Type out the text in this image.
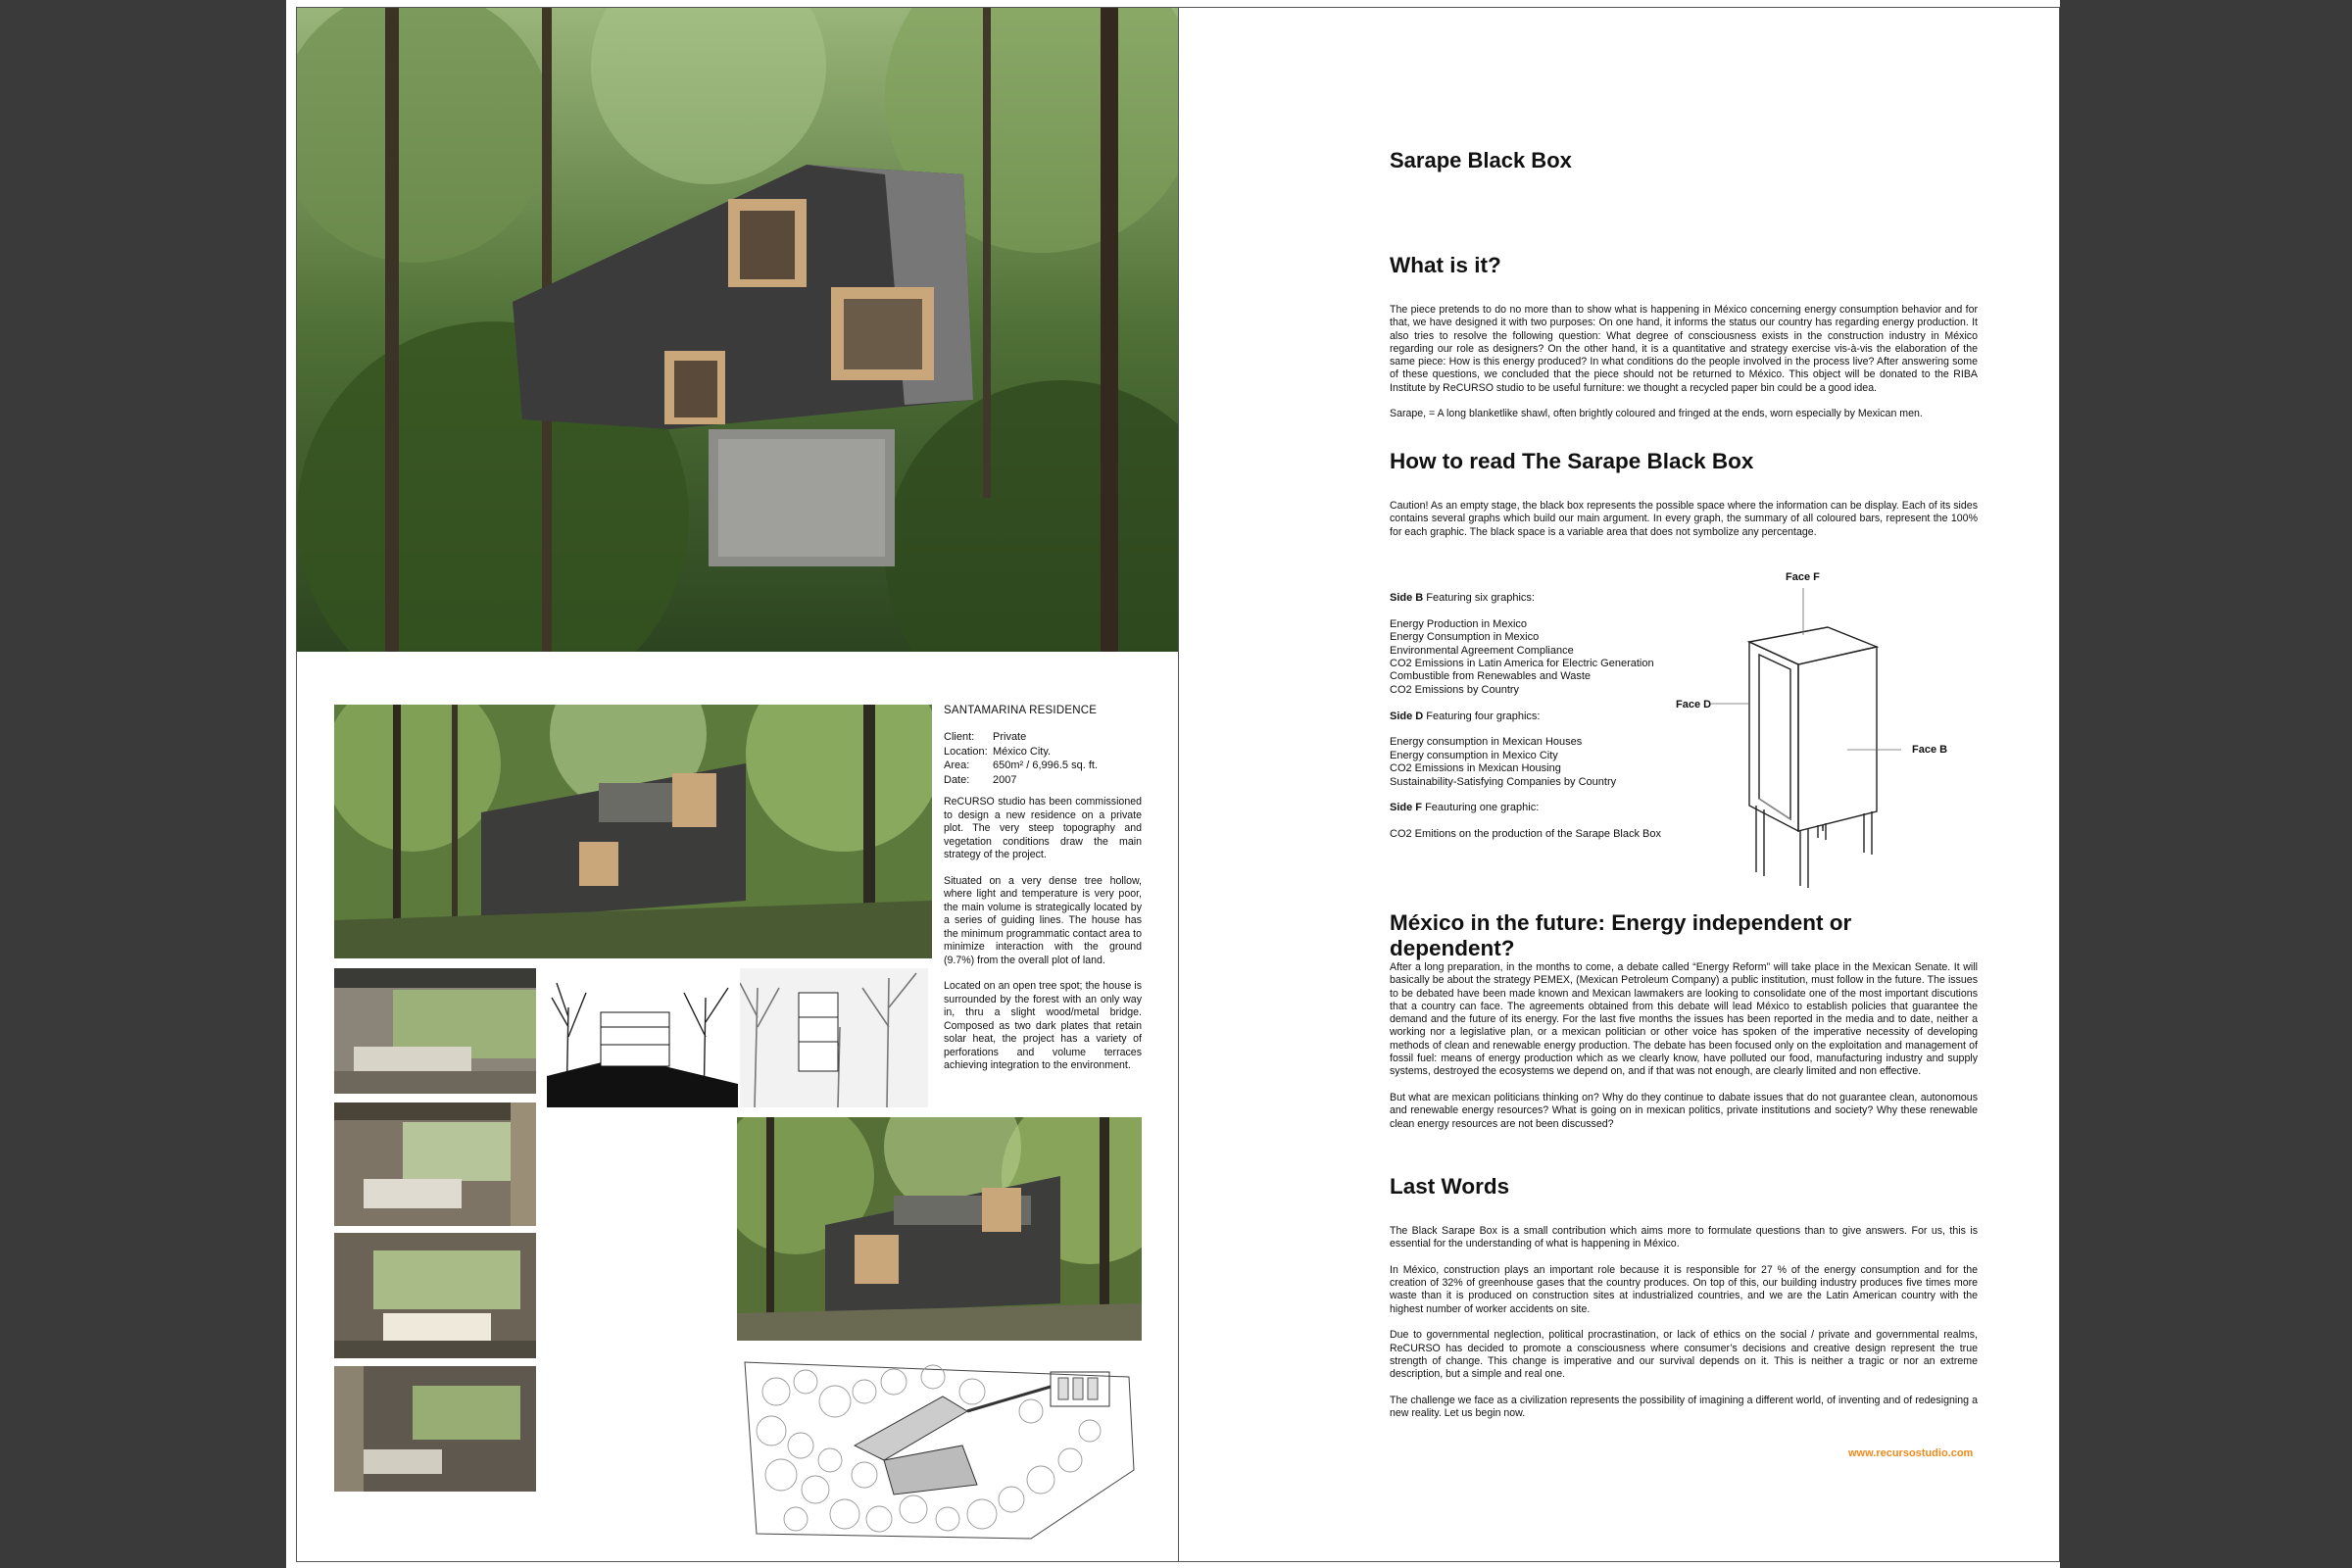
SANTAMARINA RESIDENCE
Client: Private
Location: México City.
Area: 650m² / 6,996.5 sq. ft.
Date: 2007

ReCURSO studio has been commissioned to design a new residence on a private plot. The very steep topography and vegetation conditions draw the main strategy of the project.

Situated on a very dense tree hollow, where light and temperature is very poor, the main volume is strategically located by a series of guiding lines. The house has the minimum programmatic contact area to minimize interaction with the ground (9.7%) from the overall plot of land.

Located on an open tree spot; the house is surrounded by the forest with an only way in, thru a slight wood/metal bridge. Composed as two dark plates that retain solar heat, the project has a variety of perforations and volume terraces achieving integration to the environment.

Sarape Black Box
What is it?

The piece pretends to do no more than to show what is happening in México concerning energy consumption behavior and for that, we have designed it with two purposes: On one hand, it informs the status our country has regarding energy production. It also tries to resolve the following question: What degree of consciousness exists in the construction industry in México regarding our role as designers? On the other hand, it is a quantitative and strategy exercise vis-à-vis the elaboration of the same piece: How is this energy produced? In what conditions do the people involved in the process live? After answering some of these questions, we concluded that the piece should not be returned to México. This object will be donated to the RIBA Institute by ReCURSO studio to be useful furniture: we thought a recycled paper bin could be a good idea.

Sarape, = A long blanketlike shawl, often brightly coloured and fringed at the ends, worn especially by Mexican men.

How to read The Sarape Black Box

Caution! As an empty stage, the black box represents the possible space where the information can be display. Each of its sides contains several graphs which build our main argument. In every graph, the summary of all coloured bars, represent the 100% for each graphic. The black space is a variable area that does not symbolize any percentage.

Side B Featuring six graphics:

Energy Production in Mexico

Energy Consumption in Mexico

Environmental Agreement Compliance

CO2 Emissions in Latin America for Electric Generation

Combustible from Renewables and Waste

CO2 Emissions by Country

Side D Featuring four graphics:

Energy consumption in Mexican Houses

Energy consumption in Mexico City

CO2 Emissions in Mexican Housing

Sustainability-Satisfying Companies by Country

Side F Feauturing one graphic:

CO2 Emitions on the production of the Sarape Black Box

Face F
Face D
Face B
México in the future: Energy independent or dependent?

After a long preparation, in the months to come, a debate called “Energy Reform” will take place in the Mexican Senate. It will basically be about the strategy PEMEX, (Mexican Petroleum Company) a public institution, must follow in the future. The issues to be debated have been made known and Mexican lawmakers are looking to consolidate one of the most important discutions that a country can face. The agreements obtained from this debate will lead México to establish policies that guarantee the demand and the future of its energy. For the last five months the issues has been reported in the media and to date, neither a working nor a legislative plan, or a mexican politician or other voice has spoken of the imperative necessity of developing methods of clean and renewable energy production. The debate has been focused only on the exploitation and management of fossil fuel: means of energy production which as we clearly know, have polluted our food, manufacturing industry and supply systems, destroyed the ecosystems we depend on, and if that was not enough, are clearly limited and non effective.

But what are mexican politicians thinking on? Why do they continue to dabate issues that do not guarantee clean, autonomous and renewable energy resources? What is going on in mexican politics, private institutions and society? Why these renewable clean energy resources are not been discussed?

Last Words

The Black Sarape Box is a small contribution which aims more to formulate questions than to give answers. For us, this is essential for the understanding of what is happening in México.

In México, construction plays an important role because it is responsible for 27 % of the energy consumption and for the creation of 32% of greenhouse gases that the country produces. On top of this, our building industry produces five times more waste than it is produced on construction sites at industrialized countries, and we are the Latin American country with the highest number of worker accidents on site.

Due to governmental neglection, political procrastination, or lack of ethics on the social / private and governmental realms, ReCURSO has decided to promote a consciousness where consumer’s decisions and creative design represent the true strength of change. This change is imperative and our survival depends on it. This is neither a tragic or nor an extreme description, but a simple and real one.

The challenge we face as a civilization represents the possibility of imagining a different world, of inventing and of redesigning a new reality. Let us begin now.

www.recursostudio.com
